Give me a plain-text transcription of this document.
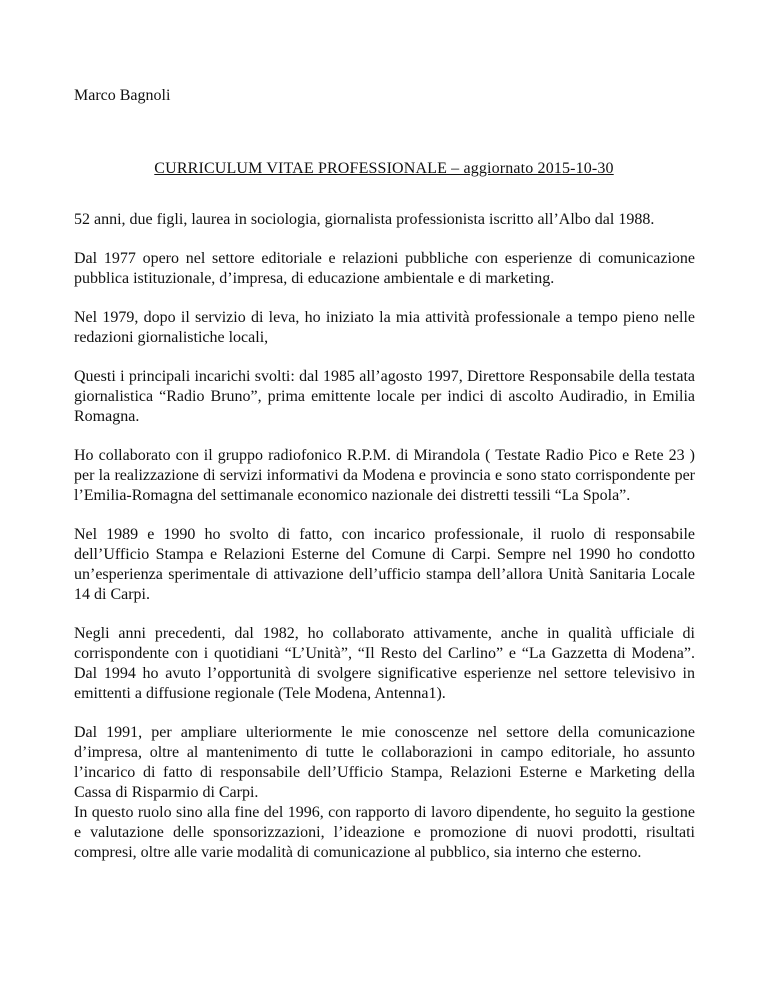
Marco Bagnoli
CURRICULUM VITAE PROFESSIONALE – aggiornato 2015-10-30

52 anni, due figli, laurea in sociologia, giornalista professionista iscritto all’Albo dal 1988.

Dal 1977 opero nel settore editoriale e relazioni pubbliche con esperienze di comunicazione pubblica istituzionale, d’impresa, di educazione ambientale e di marketing.

Nel 1979, dopo il servizio di leva, ho iniziato la mia attività professionale a tempo pieno nelle redazioni giornalistiche locali,

Questi i principali incarichi svolti: dal 1985 all’agosto 1997, Direttore Responsabile della testata giornalistica “Radio Bruno”, prima emittente locale per indici di ascolto Audiradio, in Emilia Romagna.

Ho collaborato con il gruppo radiofonico R.P.M. di Mirandola ( Testate Radio Pico e Rete 23 ) per la realizzazione di servizi informativi da Modena e provincia e sono stato corrispondente per l’Emilia-Romagna del settimanale economico nazionale dei distretti tessili “La Spola”.

Nel 1989 e 1990 ho svolto di fatto, con incarico professionale, il ruolo di responsabile dell’Ufficio Stampa e Relazioni Esterne del Comune di Carpi. Sempre nel 1990 ho condotto un’esperienza sperimentale di attivazione dell’ufficio stampa dell’allora Unità Sanitaria Locale 14 di Carpi.

Negli anni precedenti, dal 1982, ho collaborato attivamente, anche in qualità ufficiale di corrispondente con i quotidiani “L’Unità”, “Il Resto del Carlino” e “La Gazzetta di Modena”. Dal 1994 ho avuto l’opportunità di svolgere significative esperienze nel settore televisivo in emittenti a diffusione regionale (Tele Modena, Antenna1).

Dal 1991, per ampliare ulteriormente le mie conoscenze nel settore della comunicazione d’impresa, oltre al mantenimento di tutte le collaborazioni in campo editoriale, ho assunto l’incarico di fatto di responsabile dell’Ufficio Stampa, Relazioni Esterne e Marketing della Cassa di Risparmio di Carpi.

In questo ruolo sino alla fine del 1996, con rapporto di lavoro dipendente, ho seguito la gestione e valutazione delle sponsorizzazioni, l’ideazione e promozione di nuovi prodotti, risultati compresi, oltre alle varie modalità di comunicazione al pubblico, sia interno che esterno.
